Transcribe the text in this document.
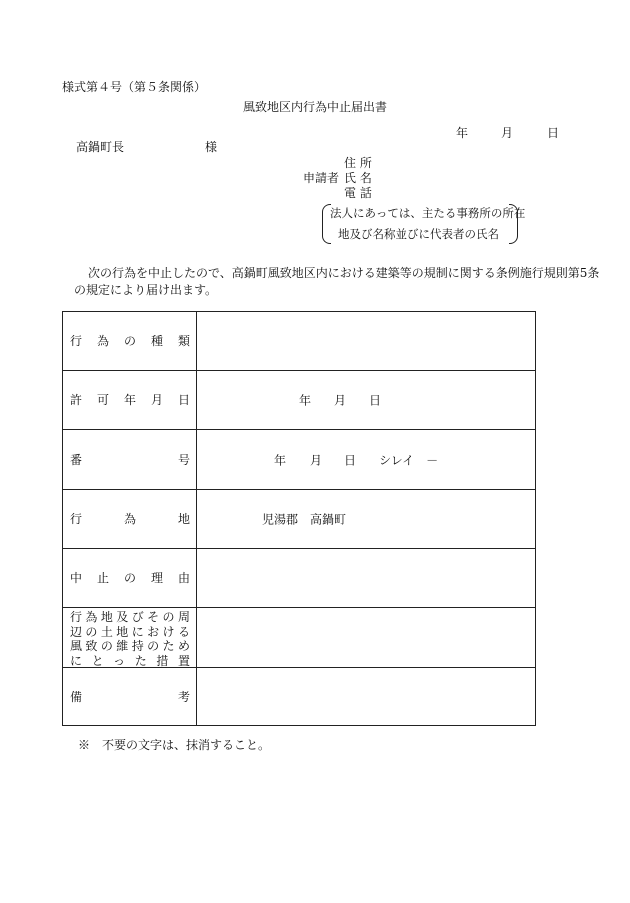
様式第４号（第５条関係）
風致地区内行為中止届出書
年	月	日
高鍋町長	様
住 所
申請者 氏 名
電 話
法人にあっては、主たる事務所の所在
地及び名称並びに代表者の氏名
次の行為を中止したので、高鍋町風致地区内における建築等の規制に関する条例施行規則第5条
の規定により届け出ます。
行為の種類
許可年月日	年 月 日
番号	年 月 日 シレイ　－
行為地	児湯郡　高鍋町
中止の理由
行為地及びその周
辺の土地における
風致の維持のため
にとった措置
備考
※　不要の文字は、抹消すること。
